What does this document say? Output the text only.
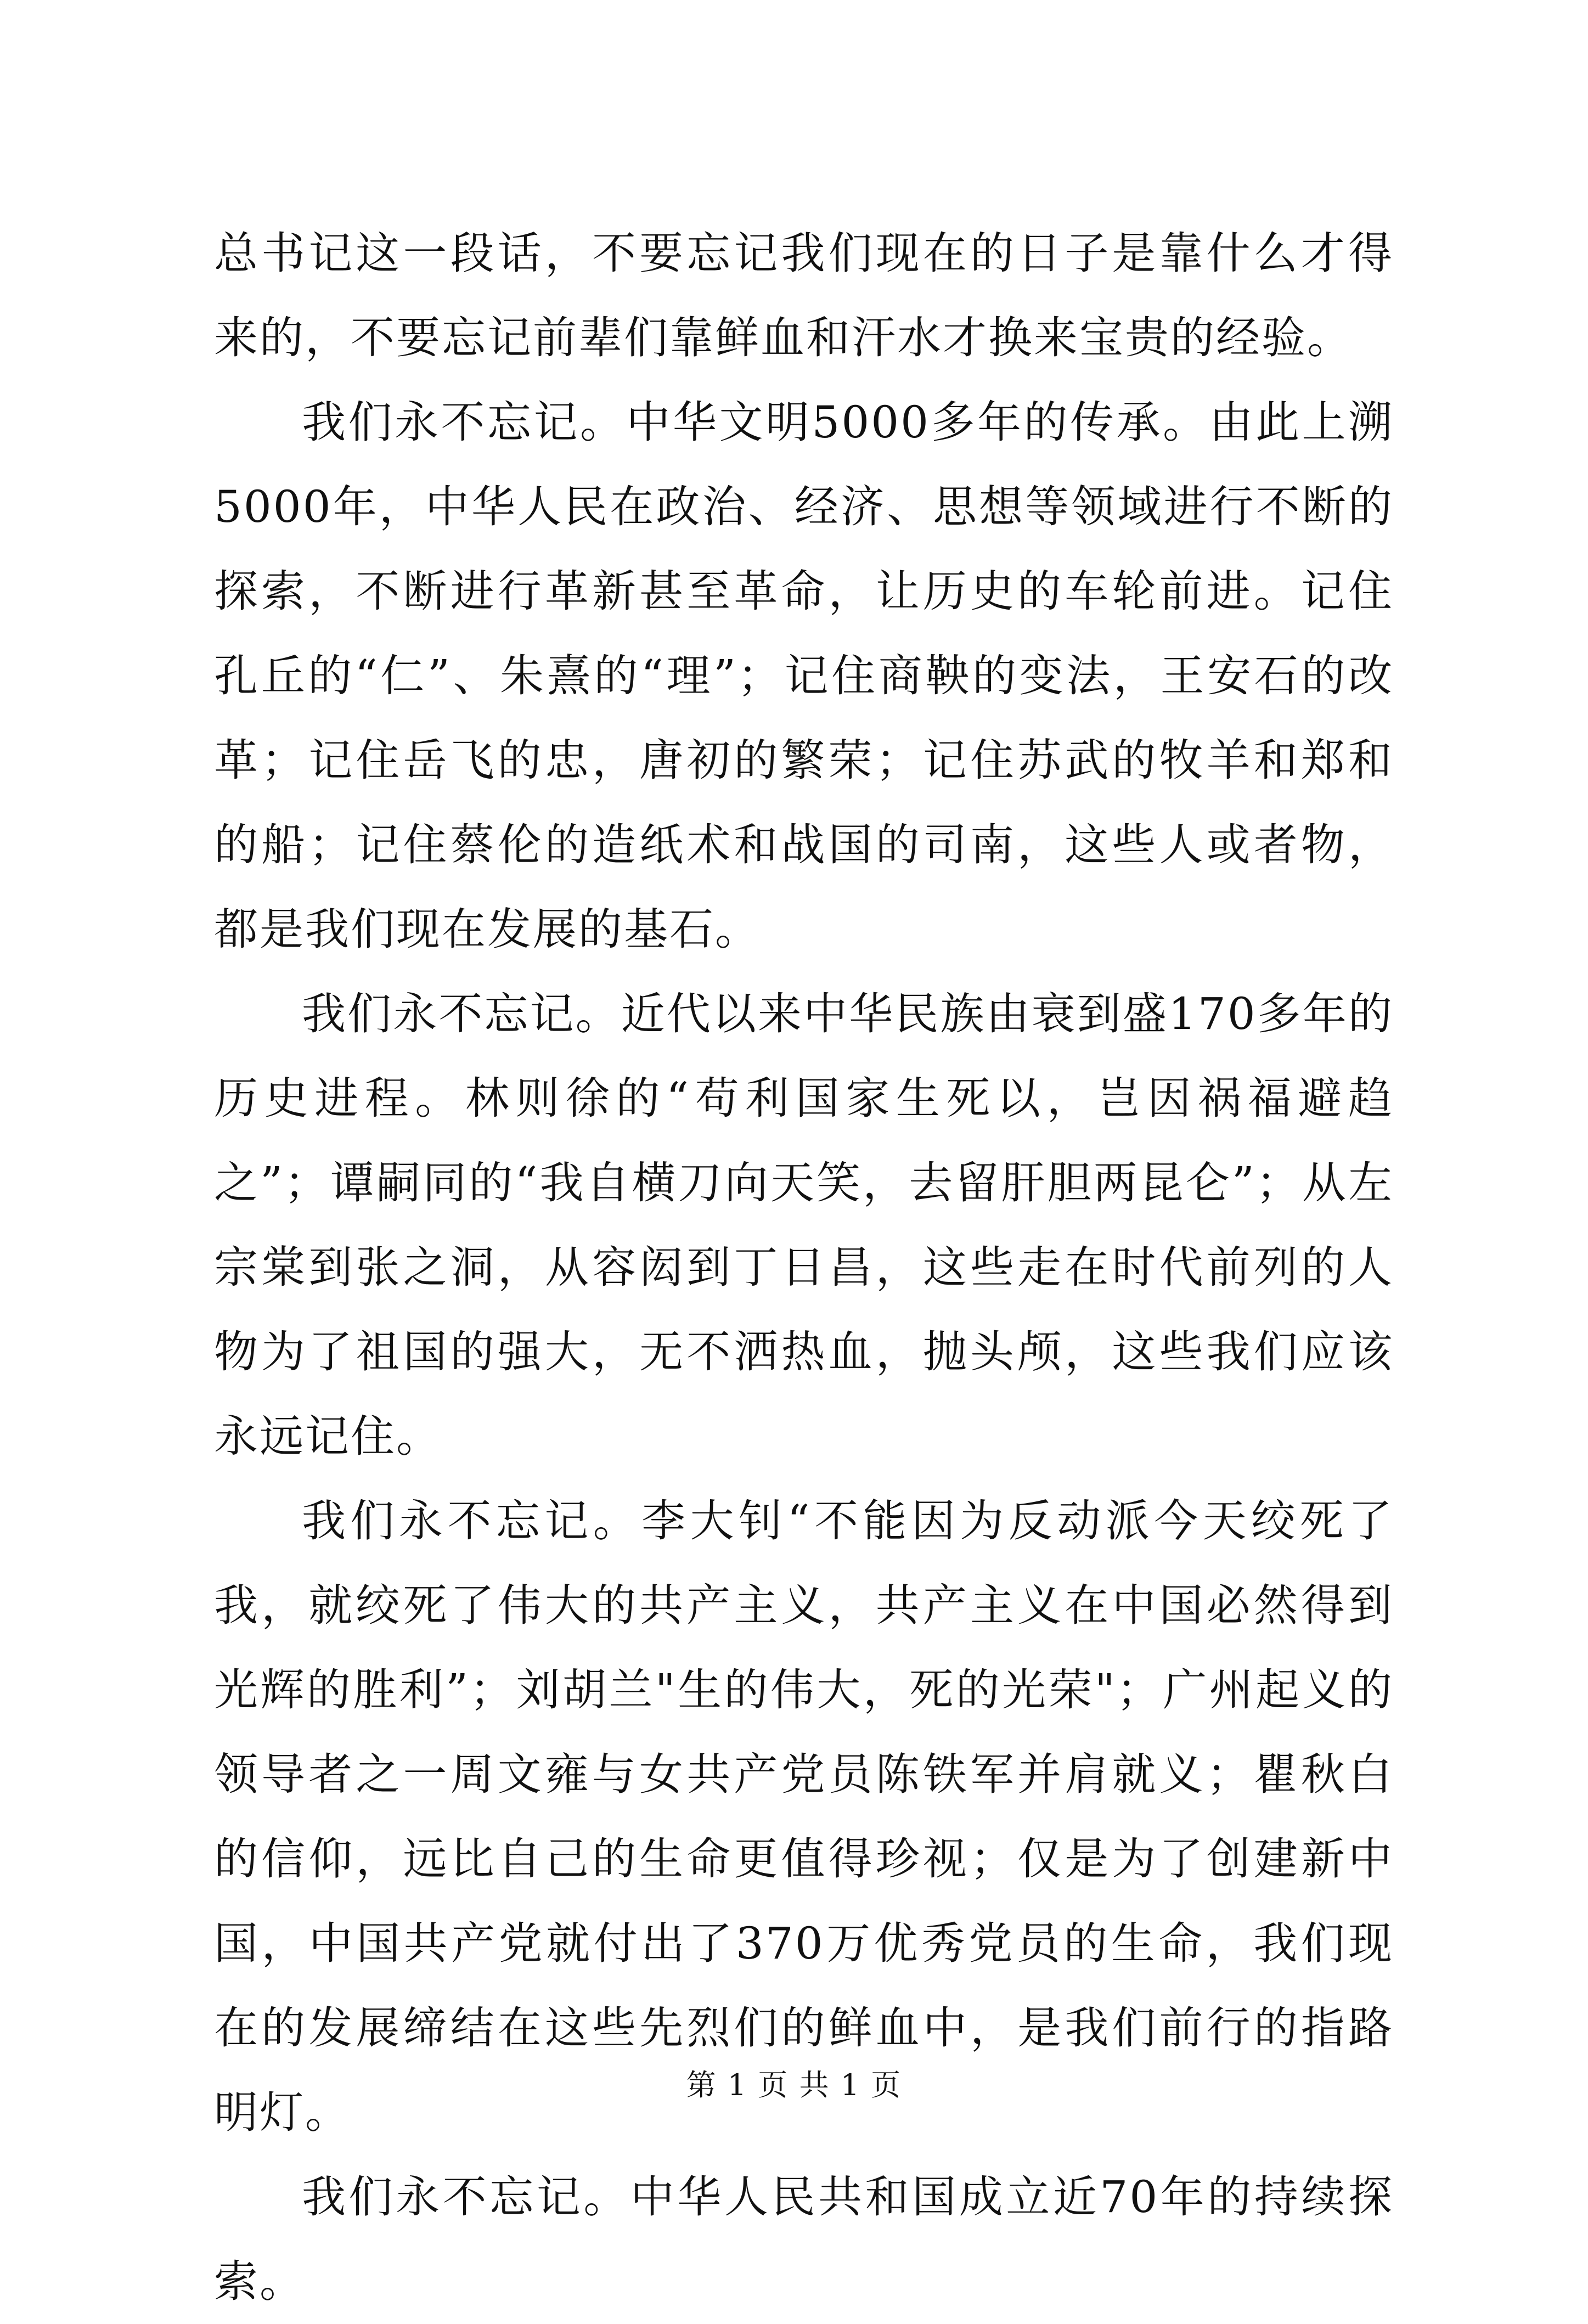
总书记这一段话，不要忘记我们现在的日子是靠什么才得来的，不要忘记前辈们靠鲜血和汗水才换来宝贵的经验。

我们永不忘记。中华文明5000多年的传承。由此上溯5000年，中华人民在政治、经济、思想等领域进行不断的探索，不断进行革新甚至革命，让历史的车轮前进。记住孔丘的“仁”、朱熹的“理”；记住商鞅的变法，王安石的改革；记住岳飞的忠，唐初的繁荣；记住苏武的牧羊和郑和的船；记住蔡伦的造纸术和战国的司南，这些人或者物，都是我们现在发展的基石。

我们永不忘记。近代以来中华民族由衰到盛170多年的历史进程。林则徐的“苟利国家生死以，岂因祸福避趋之”；谭嗣同的“我自横刀向天笑，去留肝胆两昆仑”；从左宗棠到张之洞，从容闳到丁日昌，这些走在时代前列的人物为了祖国的强大，无不洒热血，抛头颅，这些我们应该永远记住。

我们永不忘记。李大钊“不能因为反动派今天绞死了我，就绞死了伟大的共产主义，共产主义在中国必然得到光辉的胜利”；刘胡兰"生的伟大，死的光荣"；广州起义的领导者之一周文雍与女共产党员陈铁军并肩就义；瞿秋白的信仰，远比自己的生命更值得珍视；仅是为了创建新中国，中国共产党就付出了370万优秀党员的生命，我们现在的发展缔结在这些先烈们的鲜血中，是我们前行的指路明灯。

我们永不忘记。中华人民共和国成立近70年的持续探索。

第 1 页 共 1 页
